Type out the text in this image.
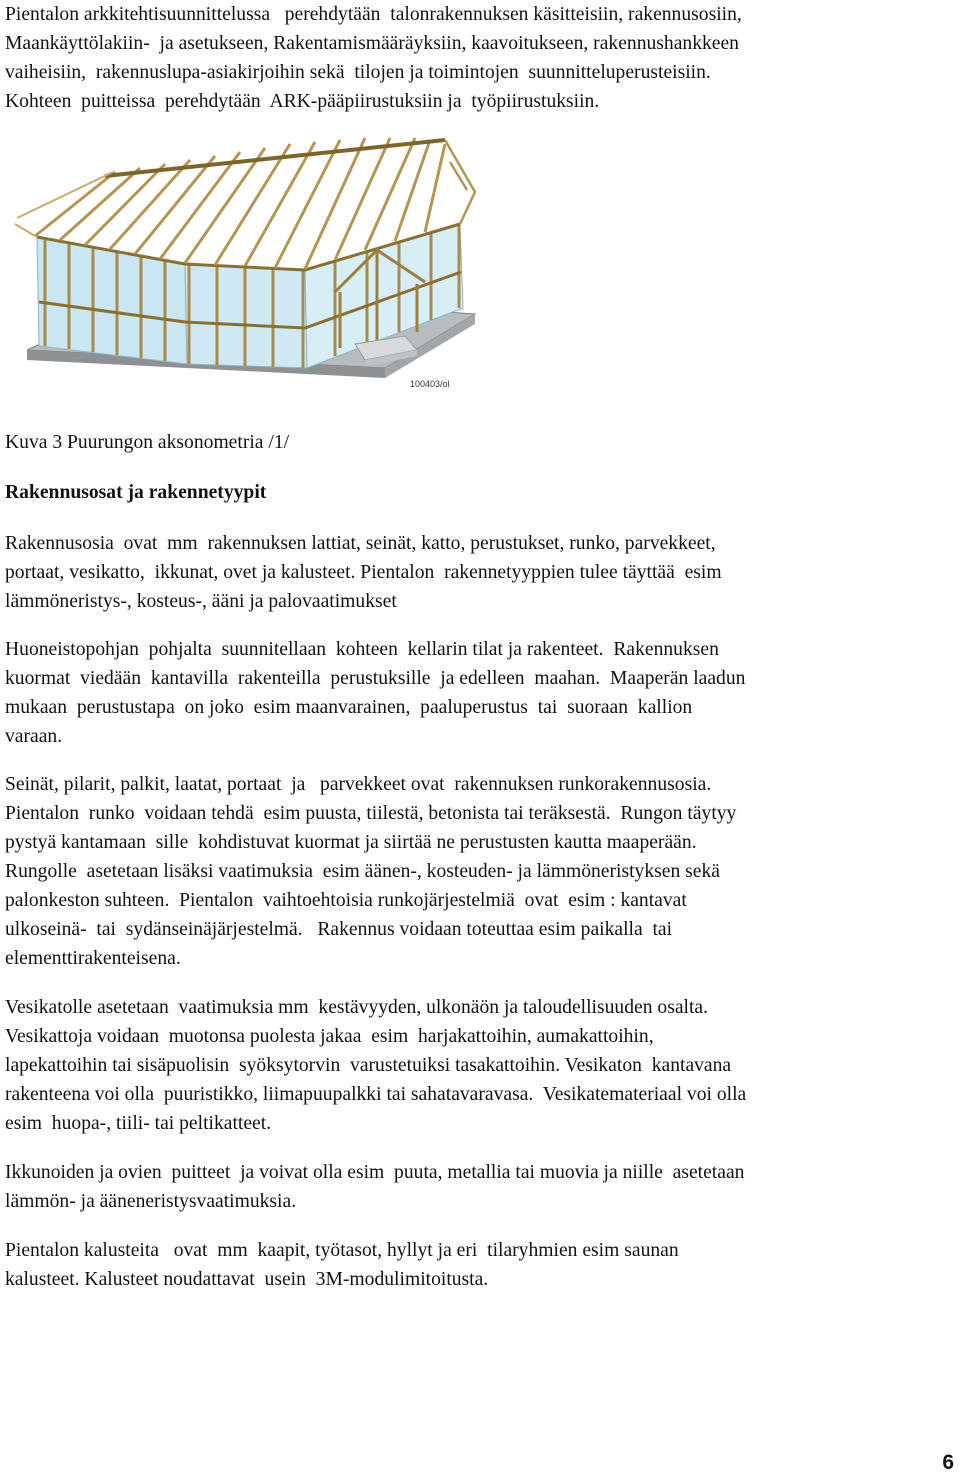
Pientalon arkkitehtisuunnittelussa   perehdytään  talonrakennuksen käsitteisiin, rakennusosiin,
Maankäyttölakiin-  ja asetukseen, Rakentamismääräyksiin, kaavoitukseen, rakennushankkeen
vaiheisiin,  rakennuslupa-asiakirjoihin sekä  tilojen ja toimintojen  suunnitteluperusteisiin.
Kohteen  puitteissa  perehdytään  ARK-pääpiirustuksiin ja  työpiirustuksiin.
100403/ol
Kuva 3 Puurungon aksonometria /1/
Rakennusosat ja rakennetyypit
Rakennusosia  ovat  mm  rakennuksen lattiat, seinät, katto, perustukset, runko, parvekkeet,
portaat, vesikatto,  ikkunat, ovet ja kalusteet. Pientalon  rakennetyyppien tulee täyttää  esim
lämmöneristys-, kosteus-, ääni ja palovaatimukset
Huoneistopohjan  pohjalta  suunnitellaan  kohteen  kellarin tilat ja rakenteet.  Rakennuksen
kuormat  viedään  kantavilla  rakenteilla  perustuksille  ja edelleen  maahan.  Maaperän laadun
mukaan  perustustapa  on joko  esim maanvarainen,  paaluperustus  tai  suoraan  kallion
varaan.
Seinät, pilarit, palkit, laatat, portaat  ja   parvekkeet ovat  rakennuksen runkorakennusosia.
Pientalon  runko  voidaan tehdä  esim puusta, tiilestä, betonista tai teräksestä.  Rungon täytyy
pystyä kantamaan  sille  kohdistuvat kuormat ja siirtää ne perustusten kautta maaperään.
Rungolle  asetetaan lisäksi vaatimuksia  esim äänen-, kosteuden- ja lämmöneristyksen sekä
palonkeston suhteen.  Pientalon  vaihtoehtoisia runkojärjestelmiä  ovat  esim : kantavat
ulkoseinä-  tai  sydänseinäjärjestelmä.   Rakennus voidaan toteuttaa esim paikalla  tai
elementtirakenteisena.
Vesikatolle asetetaan  vaatimuksia mm  kestävyyden, ulkonäön ja taloudellisuuden osalta.
Vesikattoja voidaan  muotonsa puolesta jakaa  esim  harjakattoihin, aumakattoihin,
lapekattoihin tai sisäpuolisin  syöksytorvin  varustetuiksi tasakattoihin. Vesikaton  kantavana
rakenteena voi olla  puuristikko, liimapuupalkki tai sahatavaravasa.  Vesikatemateriaal voi olla
esim  huopa-, tiili- tai peltikatteet.
Ikkunoiden ja ovien  puitteet  ja voivat olla esim  puuta, metallia tai muovia ja niille  asetetaan
lämmön- ja ääneneristysvaatimuksia.
Pientalon kalusteita   ovat  mm  kaapit, työtasot, hyllyt ja eri  tilaryhmien esim saunan
kalusteet. Kalusteet noudattavat  usein  3M-modulimitoitusta.
6
